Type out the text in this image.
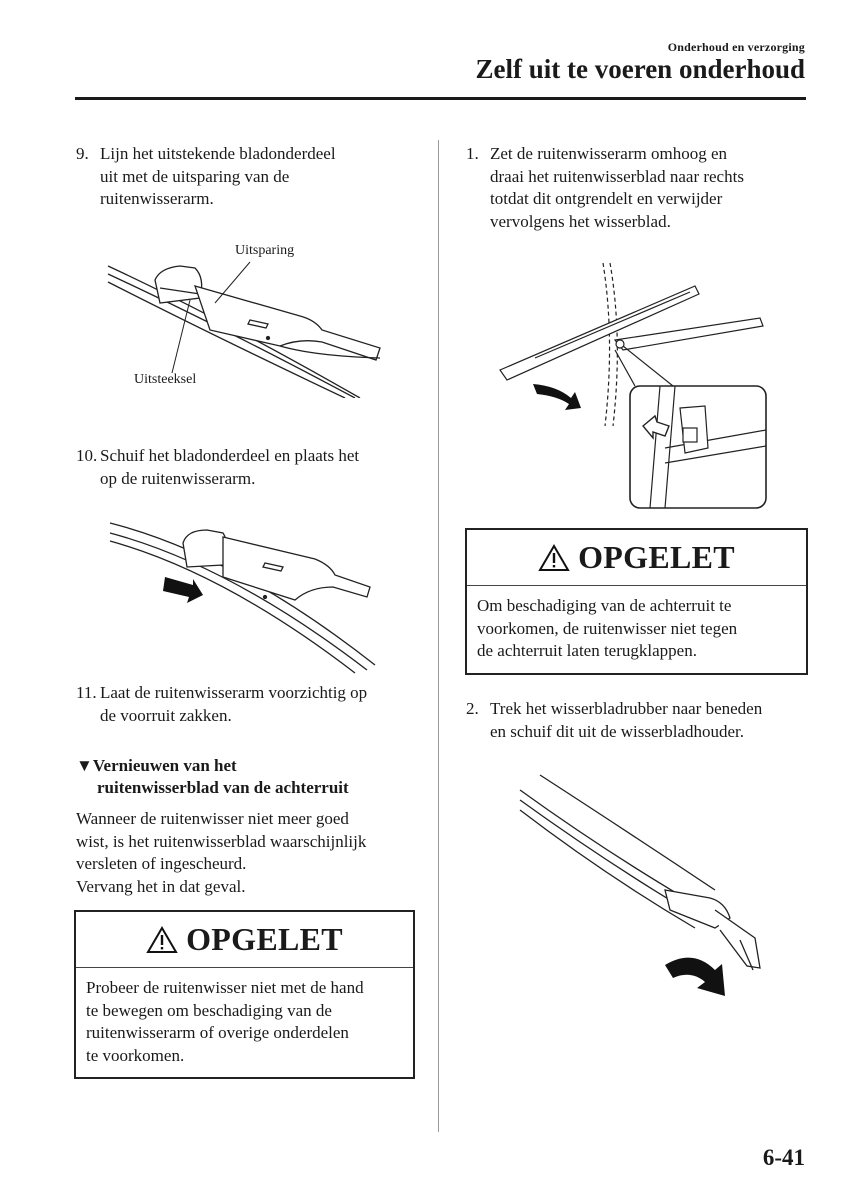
Onderhoud en verzorging
Zelf uit te voeren onderhoud
9. Lijn het uitstekende bladonderdeel
uit met de uitsparing van de
ruitenwisserarm.
Uitsparing
Uitsteeksel
10. Schuif het bladonderdeel en plaats het
op de ruitenwisserarm.
11. Laat de ruitenwisserarm voorzichtig op
de voorruit zakken.
▼Vernieuwen van het
ruitenwisserblad van de achterruit
Wanneer de ruitenwisser niet meer goed
wist, is het ruitenwisserblad waarschijnlijk
versleten of ingescheurd.
Vervang het in dat geval.
OPGELET
Probeer de ruitenwisser niet met de hand
te bewegen om beschadiging van de
ruitenwisserarm of overige onderdelen
te voorkomen.
1. Zet de ruitenwisserarm omhoog en
draai het ruitenwisserblad naar rechts
totdat dit ontgrendelt en verwijder
vervolgens het wisserblad.
OPGELET
Om beschadiging van de achterruit te
voorkomen, de ruitenwisser niet tegen
de achterruit laten terugklappen.
2. Trek het wisserbladrubber naar beneden
en schuif dit uit de wisserbladhouder.
6-41
